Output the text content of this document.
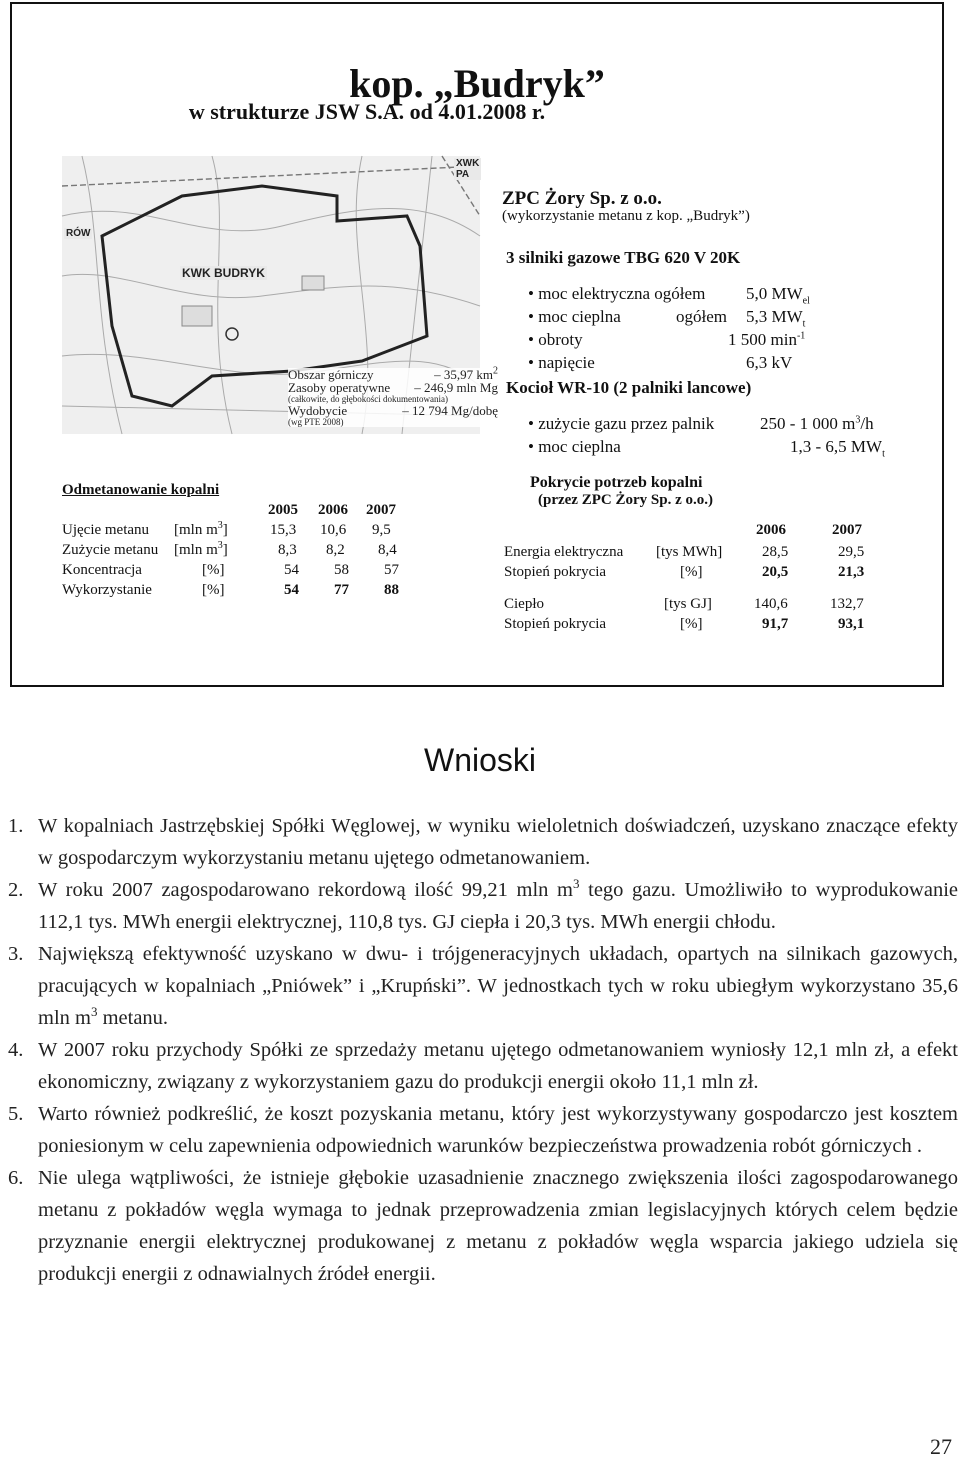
kop. „Budryk”
w strukturze JSW S.A. od 4.01.2008 r.
XWK PA
RÓW
KWK BUDRYK
Obszar górniczy	– 35,97 $km^2$
Zasoby operatywne – 246,9 mln Mg
(całkowite, do głębokości dokumentowania)
Wydobycie	– 12 794 Mg/dobę
(wg PTE 2008)
ZPC Żory Sp. z o.o.
(wykorzystanie metanu z kop. „Budryk”)
3 silniki gazowe TBG 620 V 20K
• moc elektryczna ogółem 5,0 $MW_{el}$
• moc cieplna	ogółem 5,3 $MW_t$
• obroty	1 500 $\min^{-1}$
• napięcie	6,3 kV
Kocioł WR-10 (2 palniki lancowe)
• zużycie gazu przez palnik	250 - 1 000 $m^3/h$
• moc cieplna	1,3 - 6,5 $MW_t$
Pokrycie potrzeb kopalni
(przez ZPC Żory Sp. z o.o.)
2006	2007
Energia elektryczna [tys MWh]	28,5	29,5
Stopień pokrycia	[%]	20,5	21,3
Ciepło	[tys GJ]	140,6	132,7
Stopień pokrycia	[%]	91,7	93,1
Odmetanowanie kopalni
2005 2006 2007
Ujęcie metanu [mln $m^3$]	15,3 10,6 9,5
Zużycie metanu [mln $m^3$]	8,3 8,2 8,4
Koncentracja	[%]	54 58 57
Wykorzystanie	[%]	54 77 88
Wnioski
1. W kopalniach Jastrzębskiej Spółki Węglowej, w wyniku wieloletnich doświadczeń, uzyskano znaczące efekty w gospodarczym wykorzystaniu metanu ujętego odmetanowaniem.
2. W roku 2007 zagospodarowano rekordową ilość 99,21 mln $m^3$ tego gazu. Umożliwiło to wyprodukowanie 112,1 tys. MWh energii elektrycznej, 110,8 tys. GJ ciepła i 20,3 tys. MWh energii chłodu.
3. Największą efektywność uzyskano w dwu- i trójgeneracyjnych układach, opartych na silnikach gazowych, pracujących w kopalniach „Pniówek” i „Krupński”. W jednostkach tych w roku ubiegłym wykorzystano 35,6 mln $m^3$ metanu.
4. W 2007 roku przychody Spółki ze sprzedaży metanu ujętego odmetanowaniem wyniosły 12,1 mln zł, a efekt ekonomiczny, związany z wykorzystaniem gazu do produkcji energii około 11,1 mln zł.
5. Warto również podkreślić, że koszt pozyskania metanu, który jest wykorzystywany gospodarczo jest kosztem poniesionym w celu zapewnienia odpowiednich warunków bezpieczeństwa prowadzenia robót górniczych .
6. Nie ulega wątpliwości, że istnieje głębokie uzasadnienie znacznego zwiększenia ilości zagospodarowanego metanu z pokładów węgla wymaga to jednak przeprowadzenia zmian legislacyjnych których celem będzie przyznanie energii elektrycznej produkowanej z metanu z pokładów węgla wsparcia jakiego udziela się produkcji energii z odnawialnych źródeł energii.
27
